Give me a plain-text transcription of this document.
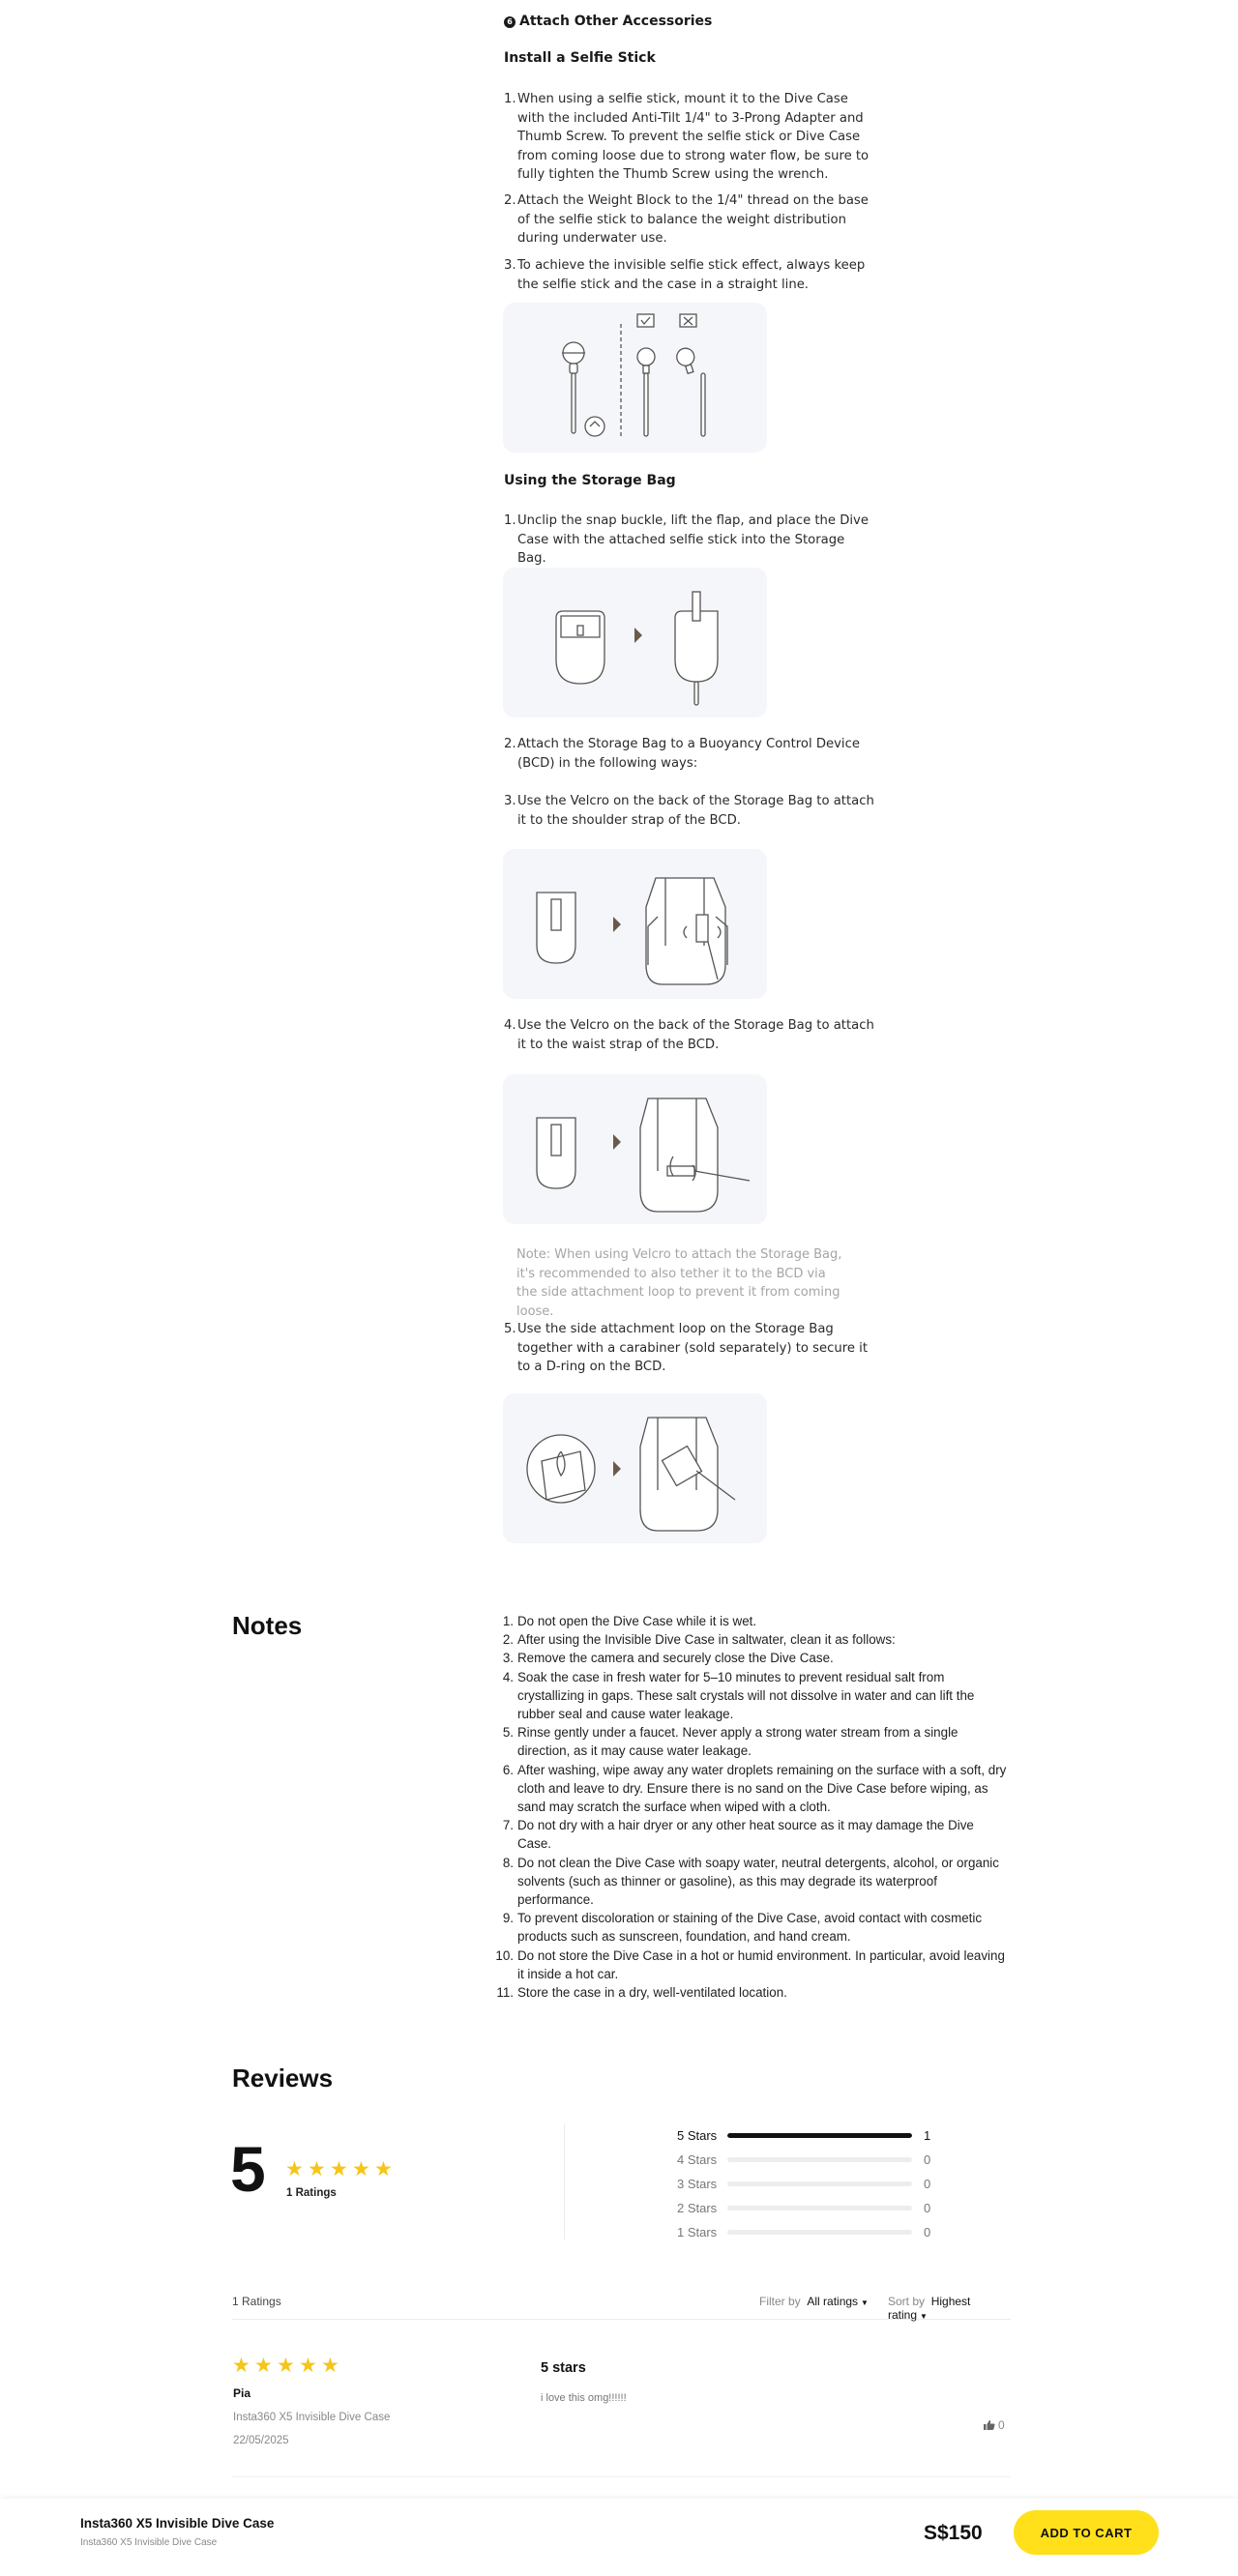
6 Attach Other Accessories
Install a Selfie Stick
1. When using a selfie stick, mount it to the Dive Case with the included Anti-Tilt 1/4" to 3-Prong Adapter and Thumb Screw. To prevent the selfie stick or Dive Case from coming loose due to strong water flow, be sure to fully tighten the Thumb Screw using the wrench.
2. Attach the Weight Block to the 1/4" thread on the base of the selfie stick to balance the weight distribution during underwater use.
3. To achieve the invisible selfie stick effect, always keep the selfie stick and the case in a straight line.
Using the Storage Bag
1. Unclip the snap buckle, lift the flap, and place the Dive Case with the attached selfie stick into the Storage Bag.
2. Attach the Storage Bag to a Buoyancy Control Device (BCD) in the following ways:
3. Use the Velcro on the back of the Storage Bag to attach it to the shoulder strap of the BCD.
4. Use the Velcro on the back of the Storage Bag to attach it to the waist strap of the BCD.
Note: When using Velcro to attach the Storage Bag, it's recommended to also tether it to the BCD via the side attachment loop to prevent it from coming loose.
5. Use the side attachment loop on the Storage Bag together with a carabiner (sold separately) to secure it to a D-ring on the BCD.
Notes	1. Do not open the Dive Case while it is wet.
2. After using the Invisible Dive Case in saltwater, clean it as follows:
3. Remove the camera and securely close the Dive Case.
4. Soak the case in fresh water for 5–10 minutes to prevent residual salt from crystallizing in gaps. These salt crystals will not dissolve in water and can lift the rubber seal and cause water leakage.
5. Rinse gently under a faucet. Never apply a strong water stream from a single direction, as it may cause water leakage.
6. After washing, wipe away any water droplets remaining on the surface with a soft, dry cloth and leave to dry. Ensure there is no sand on the Dive Case before wiping, as sand may scratch the surface when wiped with a cloth.
7. Do not dry with a hair dryer or any other heat source as it may damage the Dive Case.
8. Do not clean the Dive Case with soapy water, neutral detergents, alcohol, or organic solvents (such as thinner or gasoline), as this may degrade its waterproof performance.
9. To prevent discoloration or staining of the Dive Case, avoid contact with cosmetic products such as sunscreen, foundation, and hand cream.
10. Do not store the Dive Case in a hot or humid environment. In particular, avoid leaving it inside a hot car.
11. Store the case in a dry, well-ventilated location.
Reviews
5 ★ ★ ★ ★ ★
1 Ratings
5 Stars	1
4 Stars	0
3 Stars	0
2 Stars	0
1 Stars	0
1 Ratings	Filter by All ratings ▼ Sort by Highest rating ▼
★ ★ ★ ★ ★
Pia
Insta360 X5 Invisible Dive Case
22/05/2025
5 stars
i love this omg!!!!!!
0
Insta360 X5 Invisible Dive Case
Insta360 X5 Invisible Dive Case	S$150	ADD TO CART
